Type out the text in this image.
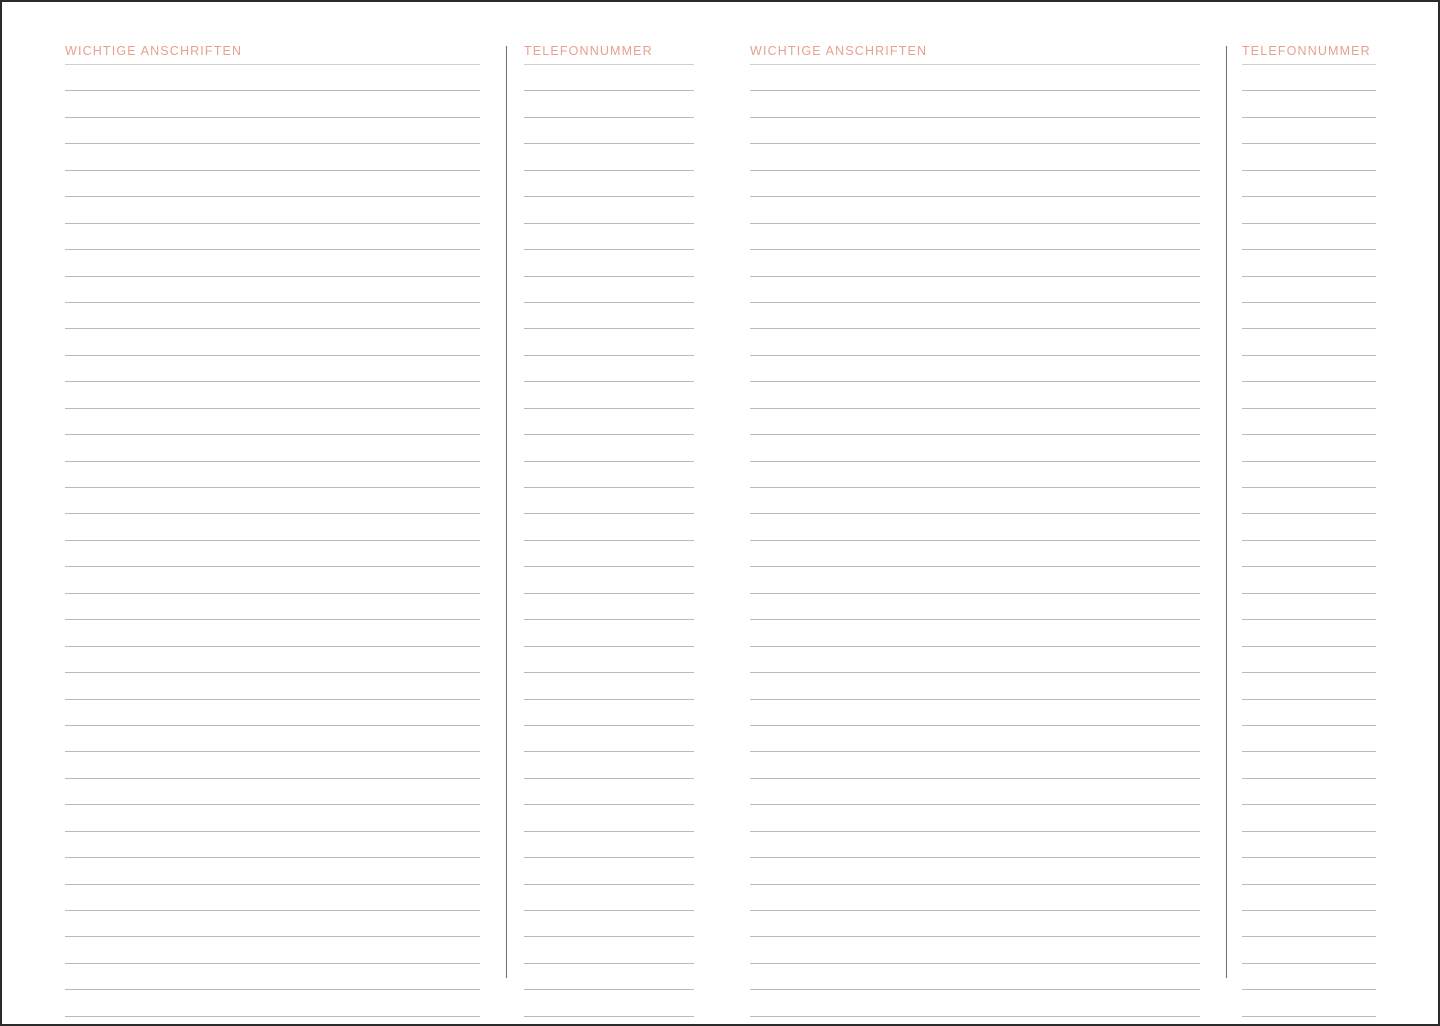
WICHTIGE ANSCHRIFTEN	TELEFONNUMMER	WICHTIGE ANSCHRIFTEN	TELEFONNUMMER
